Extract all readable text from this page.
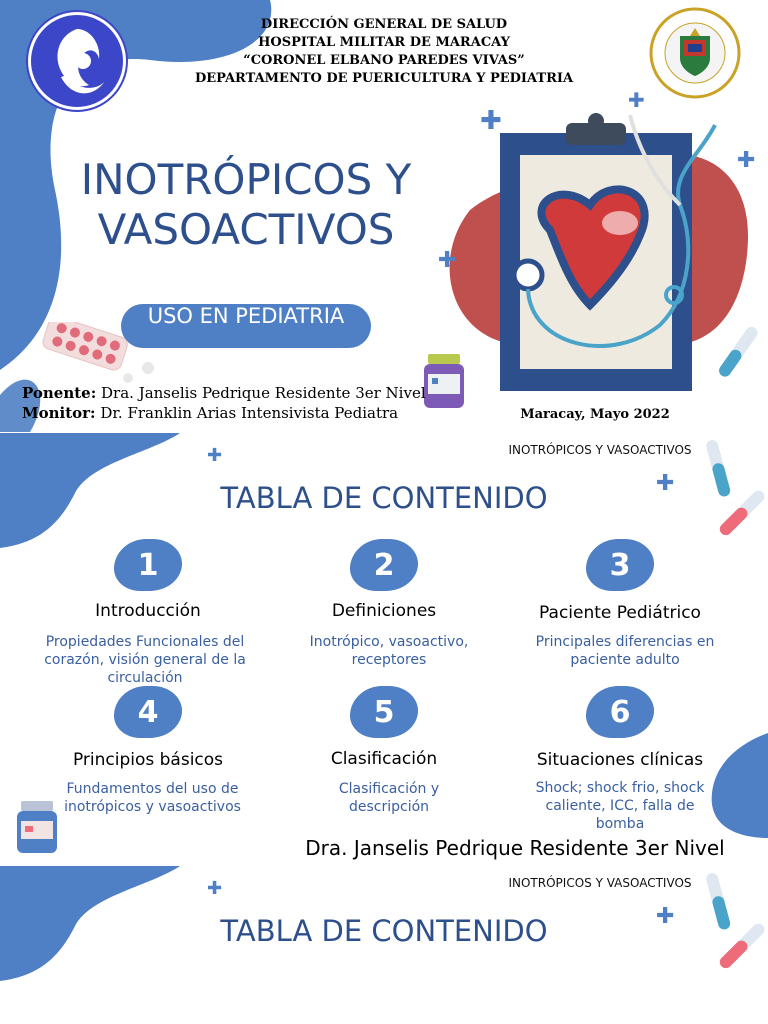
DIRECCIÓN GENERAL DE SALUD
HOSPITAL MILITAR DE MARACAY
“CORONEL ELBANO PAREDES VIVAS”
DEPARTAMENTO DE PUERICULTURA Y PEDIATRIA
INOTRÓPICOS Y
VASOACTIVOS
USO EN PEDIATRIA
✚
✚
✚
✚
Ponente: Dra. Janselis Pedrique Residente 3er Nivel
Monitor: Dr. Franklin Arias Intensivista Pediatra	Maracay, Mayo 2022
INOTRÓPICOS Y VASOACTIVOS
✚
✚
TABLA DE CONTENIDO
1
Introducción
Propiedades Funcionales del corazón, visión general de la circulación
2
Definiciones
Inotrópico, vasoactivo, receptores
3
Paciente Pediátrico
Principales diferencias en paciente adulto
4
Principios básicos
Fundamentos del uso de inotrópicos y vasoactivos
5
Clasificación
Clasificación y descripción
6
Situaciones clínicas
Shock; shock frio, shock caliente, ICC, falla de bomba
Dra. Janselis Pedrique Residente 3er Nivel
INOTRÓPICOS Y VASOACTIVOS
✚
✚
TABLA DE CONTENIDO
